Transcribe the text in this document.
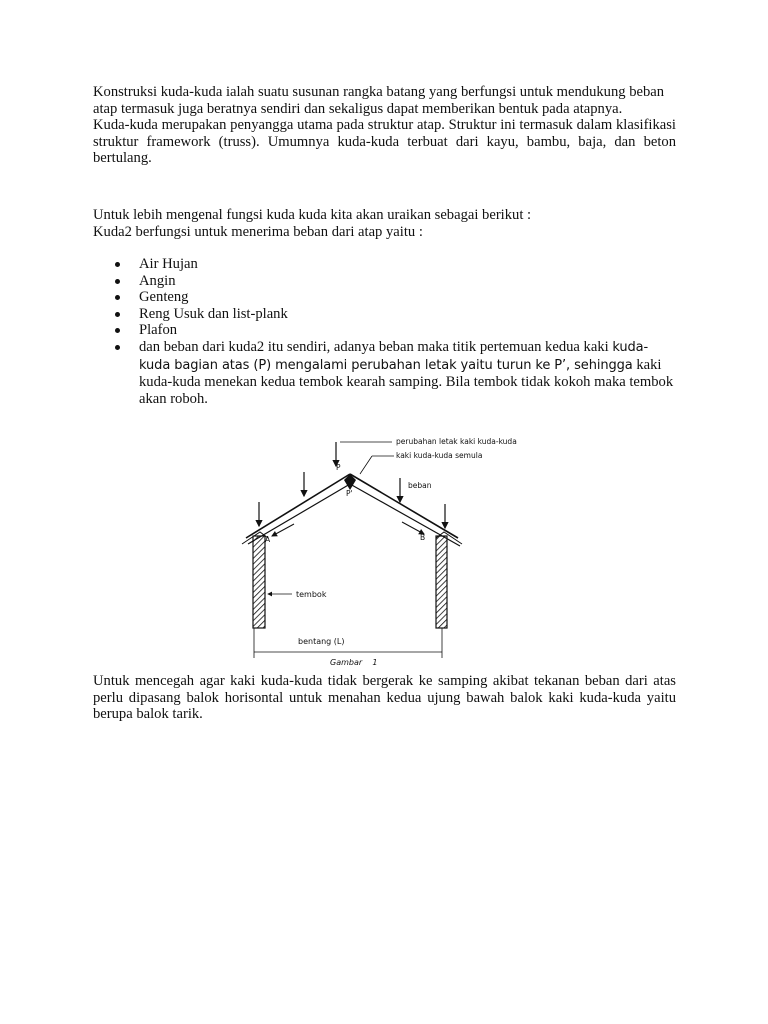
Konstruksi kuda-kuda ialah suatu susunan rangka batang yang berfungsi untuk mendukung beban atap termasuk juga beratnya sendiri dan sekaligus dapat memberikan bentuk pada atapnya.

Kuda-kuda merupakan penyangga utama pada struktur atap. Struktur ini termasuk dalam klasifikasi struktur framework (truss). Umumnya kuda-kuda terbuat dari kayu, bambu, baja, dan beton bertulang.

Untuk lebih mengenal fungsi kuda kuda kita akan uraikan sebagai berikut :

Kuda2 berfungsi untuk menerima beban dari atap yaitu :

Air Hujan
Angin
Genteng
Reng Usuk dan list-plank
Plafon
dan beban dari kuda2 itu sendiri, adanya beban maka titik pertemuan kedua kaki kuda-kuda bagian atas (P) mengalami perubahan letak yaitu turun ke P’, sehingga kaki kuda-kuda menekan kedua tembok kearah samping. Bila tembok tidak kokoh maka tembok akan roboh.
perubahan letak kaki kuda-kuda
kaki kuda-kuda semula
beban
P
P'
A	B
tembok
bentang (L)
Gambar    1

Untuk mencegah agar kaki kuda-kuda tidak bergerak ke samping akibat tekanan beban dari atas perlu dipasang balok horisontal untuk menahan kedua ujung bawah balok kaki kuda-kuda yaitu berupa balok tarik.
